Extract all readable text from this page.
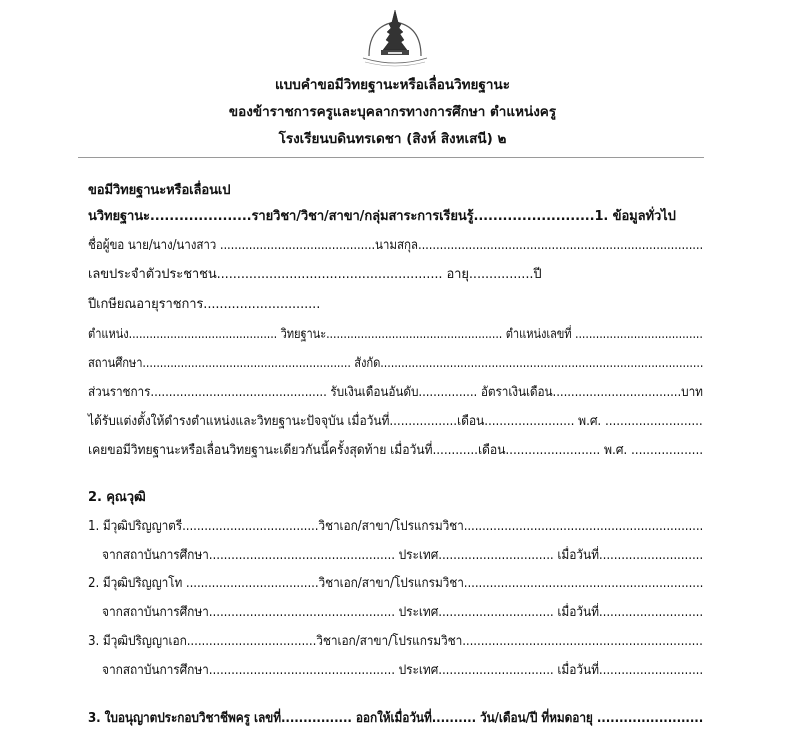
แบบคำขอมีวิทยฐานะหรือเลื่อนวิทยฐานะ
ของข้าราชการครูและบุคลากรทางการศึกษา ตำแหน่งครู
โรงเรียนบดินทรเดชา (สิงห์ สิงหเสนี) ๒
ขอมีวิทยฐานะหรือเลื่อนเป
นวิทยฐานะ.....................รายวิชา/วิชา/สาขา/กลุ่มสาระการเรียนรู้.........................1. ข้อมูลทั่วไป
ชื่อผู้ขอ นาย/นาง/นางสาว ...........................................นามสกุล...............................................................................
เลขประจำตัวประชาชน........................................................ อายุ................ปี
ปีเกษียณอายุราชการ.............................
ตำแหน่ง........................................... วิทยฐานะ................................................... ตำแหน่งเลขที่ .....................................
สถานศึกษา............................................................ สังกัด.............................................................................................
ส่วนราชการ................................................ รับเงินเดือนอันดับ................ อัตราเงินเดือน...................................บาท
ได้รับแต่งตั้งให้ดำรงตำแหน่งและวิทยฐานะปัจจุบัน เมื่อวันที่..................เดือน........................ พ.ศ. ..........................
เคยขอมีวิทยฐานะหรือเลื่อนวิทยฐานะเดียวกันนี้ครั้งสุดท้าย เมื่อวันที่............เดือน......................... พ.ศ. ...................
2. คุณวุฒิ
1. มีวุฒิปริญญาตรี.....................................วิชาเอก/สาขา/โปรแกรมวิชา.................................................................
จากสถาบันการศึกษา.................................................. ประเทศ............................... เมื่อวันที่............................
2. มีวุฒิปริญญาโท ....................................วิชาเอก/สาขา/โปรแกรมวิชา.................................................................
จากสถาบันการศึกษา.................................................. ประเทศ............................... เมื่อวันที่............................
3. มีวุฒิปริญญาเอก...................................วิชาเอก/สาขา/โปรแกรมวิชา.................................................................
จากสถาบันการศึกษา.................................................. ประเทศ............................... เมื่อวันที่............................
3. ใบอนุญาตประกอบวิชาชีพครู เลขที่................ ออกให้เมื่อวันที่.......... วัน/เดือน/ปี ที่หมดอายุ ........................
